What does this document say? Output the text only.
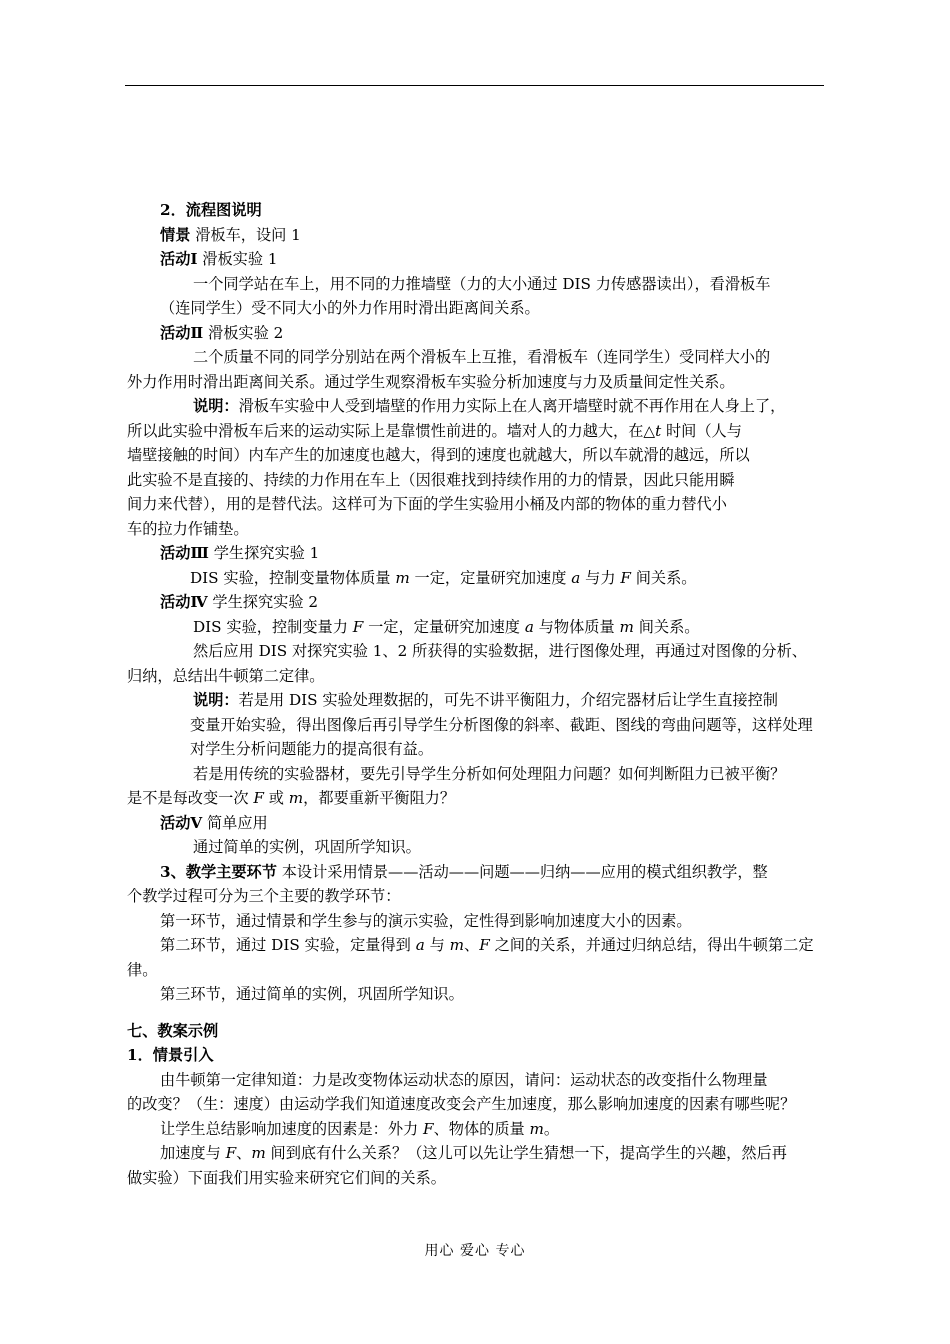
2．流程图说明
情景 滑板车，设问 1
活动Ⅰ 滑板实验 1
一个同学站在车上，用不同的力推墙壁（力的大小通过 DIS 力传感器读出），看滑板车
（连同学生）受不同大小的外力作用时滑出距离间关系。
活动Ⅱ 滑板实验 2
二个质量不同的同学分别站在两个滑板车上互推，看滑板车（连同学生）受同样大小的
外力作用时滑出距离间关系。通过学生观察滑板车实验分析加速度与力及质量间定性关系。
说明：滑板车实验中人受到墙壁的作用力实际上在人离开墙壁时就不再作用在人身上了，
所以此实验中滑板车后来的运动实际上是靠惯性前进的。墙对人的力越大，在△t 时间（人与
墙壁接触的时间）内车产生的加速度也越大，得到的速度也就越大，所以车就滑的越远，所以
此实验不是直接的、持续的力作用在车上（因很难找到持续作用的力的情景，因此只能用瞬
间力来代替），用的是替代法。这样可为下面的学生实验用小桶及内部的物体的重力替代小
车的拉力作铺垫。
活动Ⅲ 学生探究实验 1
DIS 实验，控制变量物体质量 m 一定，定量研究加速度 a 与力 F 间关系。
活动Ⅳ 学生探究实验 2
DIS 实验，控制变量力 F 一定，定量研究加速度 a 与物体质量 m 间关系。
然后应用 DIS 对探究实验 1、2 所获得的实验数据，进行图像处理，再通过对图像的分析、
归纳，总结出牛顿第二定律。
说明：若是用 DIS 实验处理数据的，可先不讲平衡阻力，介绍完器材后让学生直接控制
变量开始实验，得出图像后再引导学生分析图像的斜率、截距、图线的弯曲问题等，这样处理
对学生分析问题能力的提高很有益。
若是用传统的实验器材，要先引导学生分析如何处理阻力问题？如何判断阻力已被平衡？
是不是每改变一次 F 或 m，都要重新平衡阻力？
活动Ⅴ 简单应用
通过简单的实例，巩固所学知识。
3、教学主要环节 本设计采用情景——活动——问题——归纳——应用的模式组织教学，整
个教学过程可分为三个主要的教学环节：
第一环节，通过情景和学生参与的演示实验，定性得到影响加速度大小的因素。
第二环节，通过 DIS 实验，定量得到 a 与 m、F 之间的关系，并通过归纳总结，得出牛顿第二定
律。
第三环节，通过简单的实例，巩固所学知识。
七、教案示例
1．情景引入
由牛顿第一定律知道：力是改变物体运动状态的原因，请问：运动状态的改变指什么物理量
的改变？（生：速度）由运动学我们知道速度改变会产生加速度，那么影响加速度的因素有哪些呢？
让学生总结影响加速度的因素是：外力 F、物体的质量 m。
加速度与 F、m 间到底有什么关系？（这儿可以先让学生猜想一下，提高学生的兴趣，然后再
做实验）下面我们用实验来研究它们间的关系。
用心 爱心 专心
